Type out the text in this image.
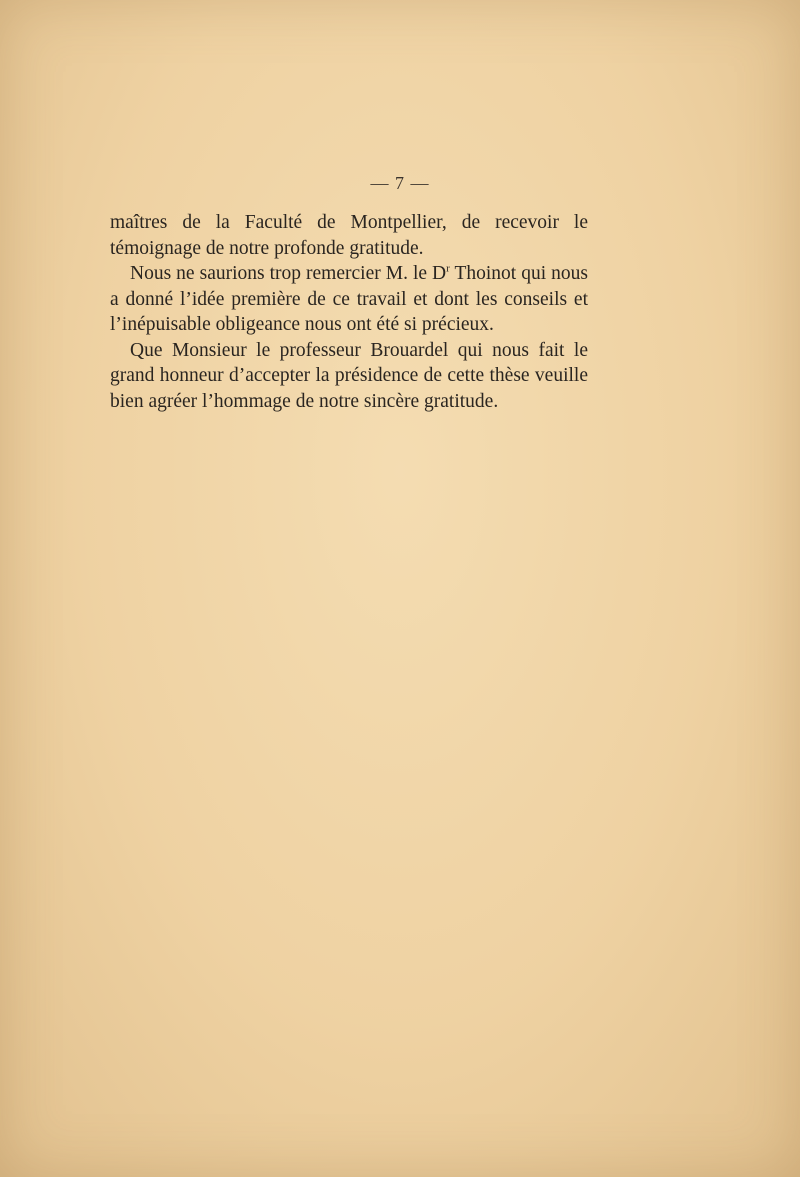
— 7 —

maîtres de la Faculté de Montpellier, de recevoir le témoignage de notre profonde gratitude.

Nous ne saurions trop remercier M. le $D^r$ Thoinot qui nous a donné l’idée première de ce travail et dont les conseils et l’inépuisable obligeance nous ont été si précieux.

Que Monsieur le professeur Brouardel qui nous fait le grand honneur d’accepter la présidence de cette thèse veuille bien agréer l’hommage de notre sincère gratitude.
